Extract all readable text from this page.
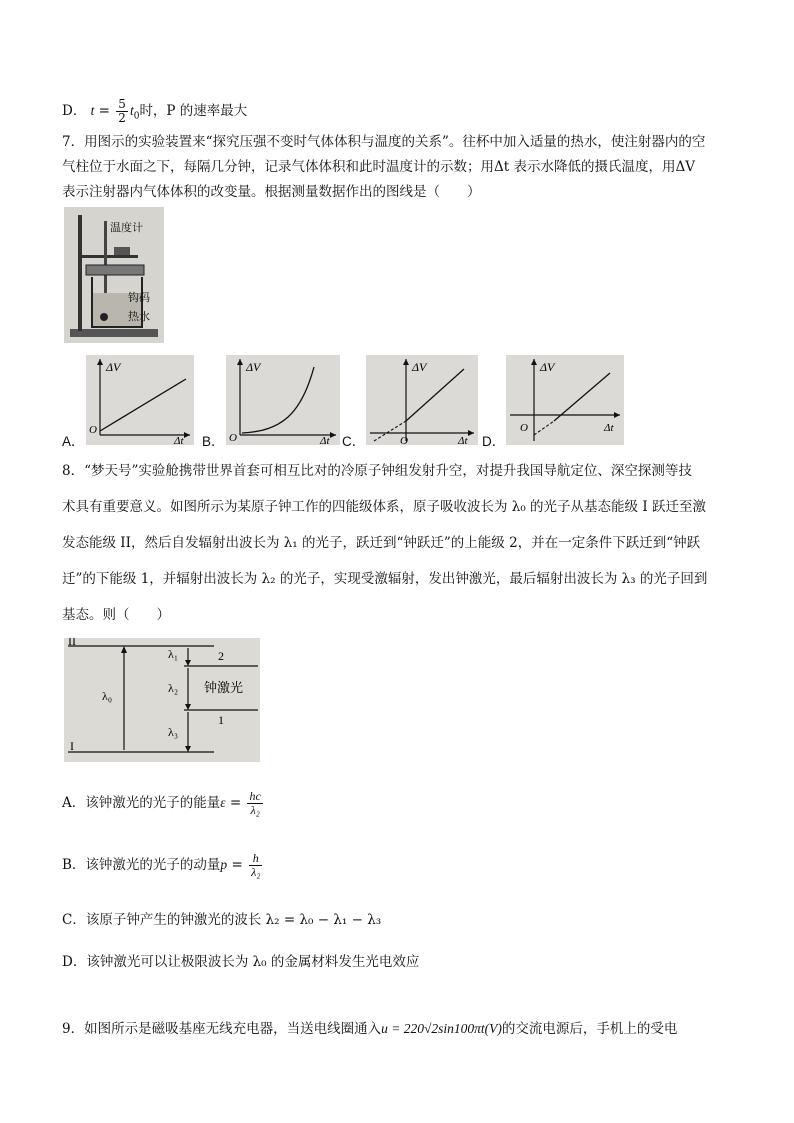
D． $t = \frac{5}{2} t_0$时，P 的速率最大
7．用图示的实验装置来“探究压强不变时气体体积与温度的关系”。往杯中加入适量的热水，使注射器内的空
气柱位于水面之下，每隔几分钟，记录气体体积和此时温度计的示数；用Δt 表示水降低的摄氏温度，用ΔV
表示注射器内气体体积的改变量。根据测量数据作出的图线是（　　）
温度计
钩码
热水
A．
ΔV
Δt
O
B．
ΔV
Δt
O	C．
ΔV
Δt
O	D．
ΔV
Δt
O
8．“梦天号”实验舱携带世界首套可相互比对的冷原子钟组发射升空，对提升我国导航定位、深空探测等技
术具有重要意义。如图所示为某原子钟工作的四能级体系，原子吸收波长为 λ₀ 的光子从基态能级 I 跃迁至激
发态能级 II，然后自发辐射出波长为 λ₁ 的光子，跃迁到“钟跃迁”的上能级 2，并在一定条件下跃迁到“钟跃
迁”的下能级 1，并辐射出波长为 λ₂ 的光子，实现受激辐射，发出钟激光，最后辐射出波长为 λ₃ 的光子回到
基态。则（　　）
II
I
2
1
λ₀
λ₁
λ₂
λ₃
钟激光
A．该钟激光的光子的能量$\varepsilon = \frac{hc}{\text{λ₂}}$
B．该钟激光的光子的动量$p = \frac{h}{\text{λ₂}}$
C．该原子钟产生的钟激光的波长 λ₂ = λ₀ − λ₁ − λ₃
D．该钟激光可以让极限波长为 λ₀ 的金属材料发生光电效应
9．如图所示是磁吸基座无线充电器，当送电线圈通入u = 220√2sin100πt(V)的交流电源后，手机上的受电
